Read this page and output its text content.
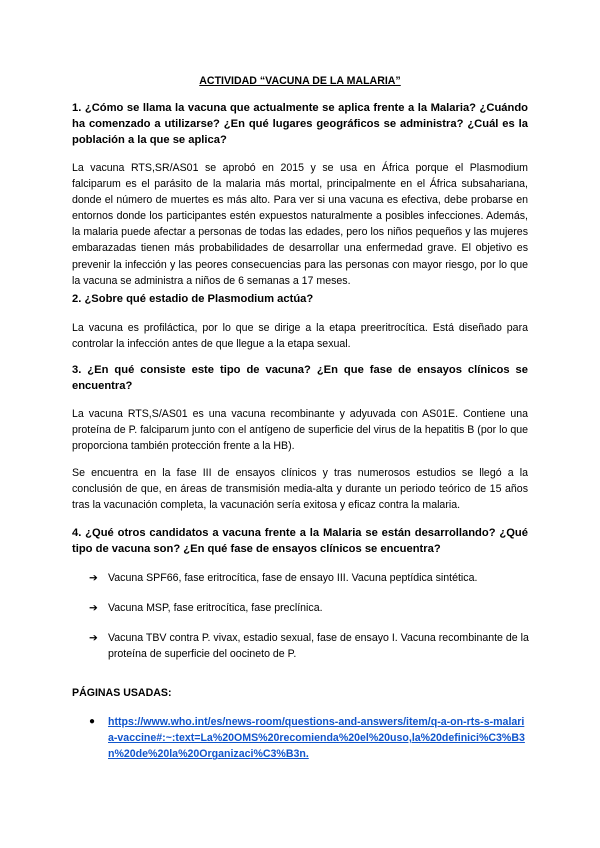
ACTIVIDAD “VACUNA DE LA MALARIA”
1. ¿Cómo se llama la vacuna que actualmente se aplica frente a la Malaria? ¿Cuándo ha comenzado a utilizarse? ¿En qué lugares geográficos se administra? ¿Cuál es la población a la que se aplica?
La vacuna RTS,SR/AS01 se aprobó en 2015 y se usa en África porque el Plasmodium falciparum es el parásito de la malaria más mortal, principalmente en el África subsahariana, donde el número de muertes es más alto. Para ver si una vacuna es efectiva, debe probarse en entornos donde los participantes estén expuestos naturalmente a posibles infecciones. Además, la malaria puede afectar a personas de todas las edades, pero los niños pequeños y las mujeres embarazadas tienen más probabilidades de desarrollar una enfermedad grave. El objetivo es prevenir la infección y las peores consecuencias para las personas con mayor riesgo, por lo que la vacuna se administra a niños de 6 semanas a 17 meses.
2. ¿Sobre qué estadio de Plasmodium actúa?
La vacuna es profiláctica, por lo que se dirige a la etapa preeritrocítica. Está diseñado para controlar la infección antes de que llegue a la etapa sexual.
3. ¿En qué consiste este tipo de vacuna? ¿En que fase de ensayos clínicos se encuentra?
La vacuna RTS,S/AS01 es una vacuna recombinante y adyuvada con AS01E. Contiene una proteína de P. falciparum junto con el antígeno de superficie del virus de la hepatitis B (por lo que proporciona también protección frente a la HB).
Se encuentra en la fase III de ensayos clínicos y tras numerosos estudios se llegó a la conclusión de que, en áreas de transmisión media-alta y durante un periodo teórico de 15 años tras la vacunación completa, la vacunación sería exitosa y eficaz contra la malaria.
4. ¿Qué otros candidatos a vacuna frente a la Malaria se están desarrollando? ¿Qué tipo de vacuna son? ¿En qué fase de ensayos clínicos se encuentra?
➔ Vacuna SPF66, fase eritrocítica, fase de ensayo III. Vacuna peptídica sintética.
➔ Vacuna MSP, fase eritrocítica, fase preclínica.
➔ Vacuna TBV contra P. vivax, estadio sexual, fase de ensayo I. Vacuna recombinante de la proteína de superficie del oocineto de P.
PÁGINAS USADAS:
●	https://www.who.int/es/news-room/questions-and-answers/item/q-a-on-rts-s-malaria-vaccine#:~:text=La%20OMS%20recomienda%20el%20uso,la%20definici%C3%B3n%20de%20la%20Organizaci%C3%B3n.
